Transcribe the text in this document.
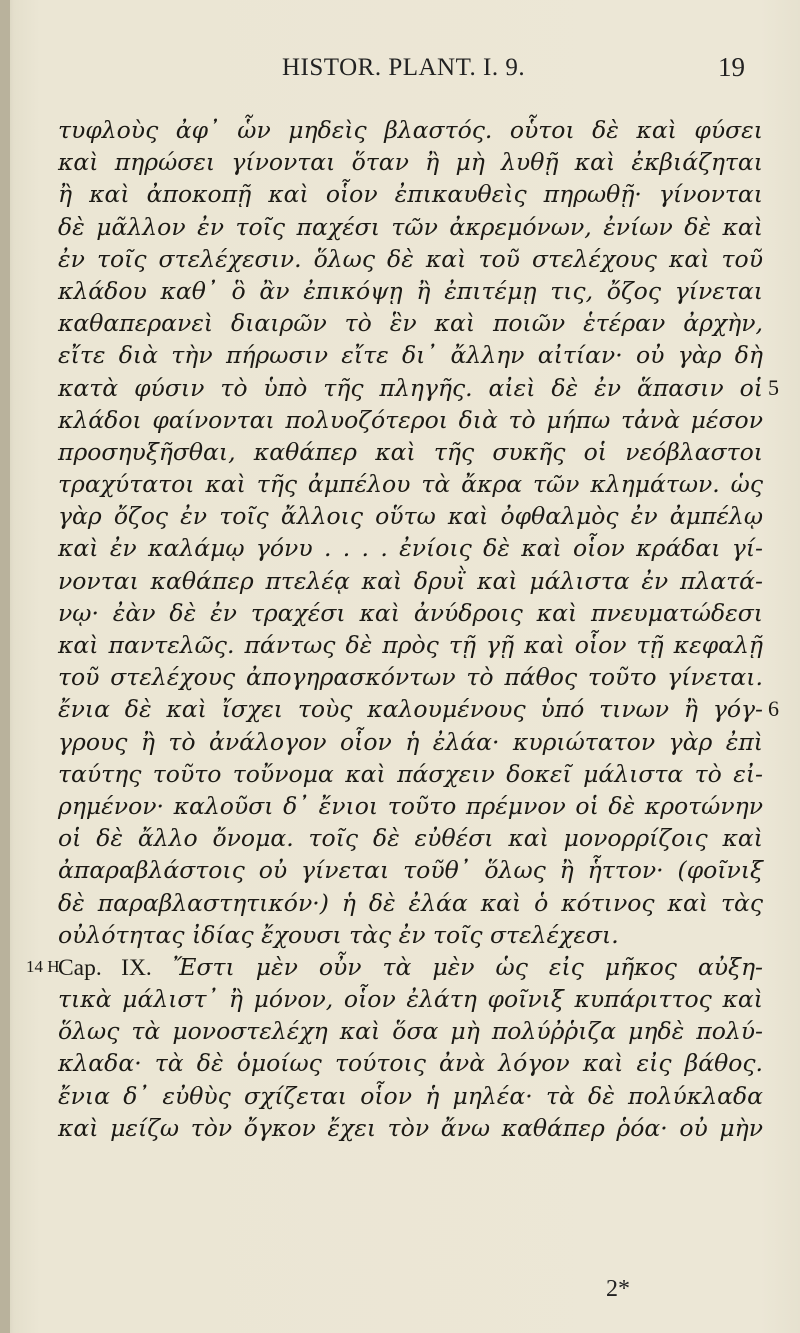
HISTOR. PLANT. I. 9.	19
τυφλοὺς ἀφ᾽ ὧν μηδεὶς βλαστός. οὗτοι δὲ καὶ φύσει
καὶ πηρώσει γίνονται ὅταν ἢ μὴ λυθῇ καὶ ἐκβιάζηται
ἢ καὶ ἀποκοπῇ καὶ οἷον ἐπικαυθεὶς πηρωθῇ· γίνονται
δὲ μᾶλλον ἐν τοῖς παχέσι τῶν ἀκρεμόνων, ἐνίων δὲ καὶ
ἐν τοῖς στελέχεσιν. ὅλως δὲ καὶ τοῦ στελέχους καὶ τοῦ
κλάδου καθ᾽ ὃ ἂν ἐπικόψῃ ἢ ἐπιτέμῃ τις, ὄζος γίνεται
καθαπερανεὶ διαιρῶν τὸ ἓν καὶ ποιῶν ἑτέραν ἀρχὴν,
εἴτε διὰ τὴν πήρωσιν εἴτε δι᾽ ἄλλην αἰτίαν· οὐ γὰρ δὴ
κατὰ φύσιν τὸ ὑπὸ τῆς πληγῆς. αἰεὶ δὲ ἐν ἅπασιν οἱ 5
κλάδοι φαίνονται πολυοζότεροι διὰ τὸ μήπω τἀνὰ μέσον
προσηυξῆσθαι, καθάπερ καὶ τῆς συκῆς οἱ νεόβλαστοι
τραχύτατοι καὶ τῆς ἀμπέλου τὰ ἄκρα τῶν κλημάτων. ὡς
γὰρ ὄζος ἐν τοῖς ἄλλοις οὕτω καὶ ὀφθαλμὸς ἐν ἀμπέλῳ
καὶ ἐν καλάμῳ γόνυ . . . . ἐνίοις δὲ καὶ οἷον κράδαι γί-
νονται καθάπερ πτελέᾳ καὶ δρυῒ καὶ μάλιστα ἐν πλατά-
νῳ· ἐὰν δὲ ἐν τραχέσι καὶ ἀνύδροις καὶ πνευματώδεσι
καὶ παντελῶς. πάντως δὲ πρὸς τῇ γῇ καὶ οἷον τῇ κεφαλῇ
τοῦ στελέχους ἀπογηρασκόντων τὸ πάθος τοῦτο γίνεται.
ἔνια δὲ καὶ ἴσχει τοὺς καλουμένους ὑπό τινων ἢ γόγ- 6
γρους ἢ τὸ ἀνάλογον οἷον ἡ ἐλάα· κυριώτατον γὰρ ἐπὶ
ταύτης τοῦτο τοὔνομα καὶ πάσχειν δοκεῖ μάλιστα τὸ εἰ-
ρημένον· καλοῦσι δ᾽ ἔνιοι τοῦτο πρέμνον οἱ δὲ κροτώνην
οἱ δὲ ἄλλο ὄνομα. τοῖς δὲ εὐθέσι καὶ μονορρίζοις καὶ
ἀπαραβλάστοις οὐ γίνεται τοῦθ᾽ ὅλως ἢ ἧττον· (φοῖνιξ
δὲ παραβλαστητικόν·) ἡ δὲ ἐλάα καὶ ὁ κότινος καὶ τὰς
οὐλότητας ἰδίας ἔχουσι τὰς ἐν τοῖς στελέχεσι.
14 H
Cap. IX. Ἔστι μὲν οὖν τὰ μὲν ὡς εἰς μῆκος αὐξη-
τικὰ μάλιστ᾽ ἢ μόνον, οἷον ἐλάτη φοῖνιξ κυπάριττος καὶ
ὅλως τὰ μονοστελέχη καὶ ὅσα μὴ πολύῤῥιζα μηδὲ πολύ-
κλαδα· τὰ δὲ ὁμοίως τούτοις ἀνὰ λόγον καὶ εἰς βάθος.
ἔνια δ᾽ εὐθὺς σχίζεται οἷον ἡ μηλέα· τὰ δὲ πολύκλαδα
καὶ μείζω τὸν ὄγκον ἔχει τὸν ἄνω καθάπερ ῥόα· οὐ μὴν
2*
